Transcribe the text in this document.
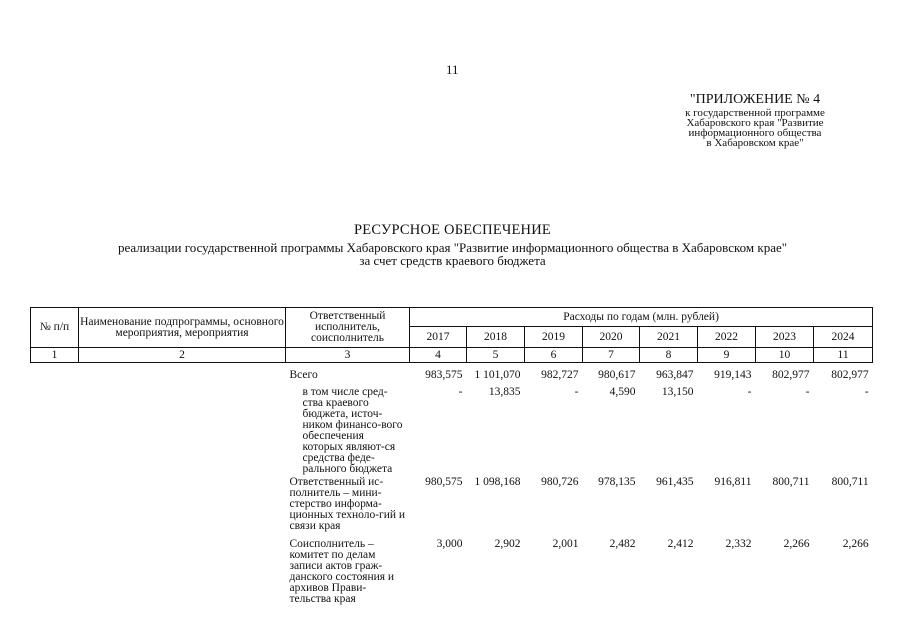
11
"ПРИЛОЖЕНИЕ № 4
к государственной программе
Хабаровского края "Развитие
информационного общества
в Хабаровском крае"
РЕСУРСНОЕ ОБЕСПЕЧЕНИЕ
реализации государственной программы Хабаровского края "Развитие информационного общества в Хабаровском крае"
за счет средств краевого бюджета
№ п/п	Наименование подпрограммы, основного мероприятия, мероприятия	Ответственный исполнитель, соисполнитель	Расходы по годам (млн. рублей)							
			2017	2018	2019	2020	2021	2022	2023	2024
1	2	3	4	5	6	7	8	9	10	11

		Всего	983,575	1 101,070	982,727	980,617	963,847	919,143	802,977	802,977
		в том числе сред-ства краевого бюджета, источ-ником финансо-вого обеспечения которых являют-ся средства феде-рального бюджета	-	13,835	-	4,590	13,150	-	-	-
		Ответственный ис-полнитель – мини-стерство информа-ционных техноло-гий и связи края	980,575	1 098,168	980,726	978,135	961,435	916,811	800,711	800,711
		Соисполнитель – комитет по делам записи актов граж-данского состояния и архивов Прави-тельства края	3,000	2,902	2,001	2,482	2,412	2,332	2,266	2,266
